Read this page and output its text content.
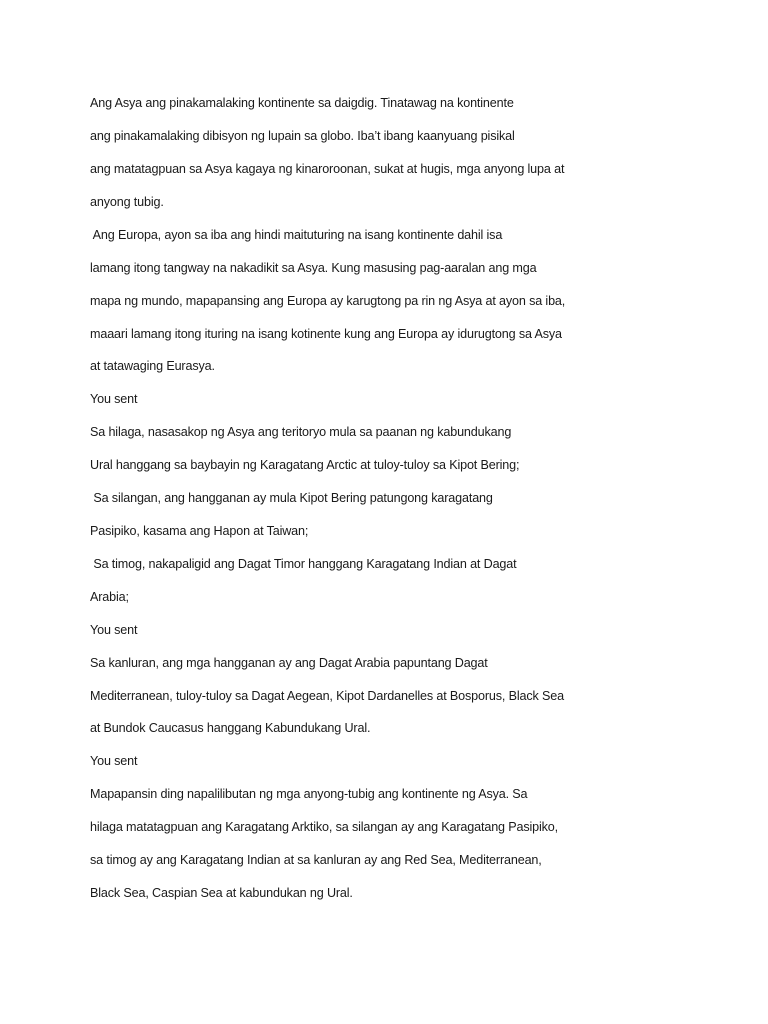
Ang Asya ang pinakamalaking kontinente sa daigdig. Tinatawag na kontinente
ang pinakamalaking dibisyon ng lupain sa globo. Iba’t ibang kaanyuang pisikal
ang matatagpuan sa Asya kagaya ng kinaroroonan, sukat at hugis, mga anyong lupa at
anyong tubig.
Ang Europa, ayon sa iba ang hindi maituturing na isang kontinente dahil isa
lamang itong tangway na nakadikit sa Asya. Kung masusing pag-aaralan ang mga
mapa ng mundo, mapapansing ang Europa ay karugtong pa rin ng Asya at ayon sa iba,
maaari lamang itong ituring na isang kotinente kung ang Europa ay idurugtong sa Asya
at tatawaging Eurasya.
You sent
Sa hilaga, nasasakop ng Asya ang teritoryo mula sa paanan ng kabundukang
Ural hanggang sa baybayin ng Karagatang Arctic at tuloy-tuloy sa Kipot Bering;
Sa silangan, ang hangganan ay mula Kipot Bering patungong karagatang
Pasipiko, kasama ang Hapon at Taiwan;
Sa timog, nakapaligid ang Dagat Timor hanggang Karagatang Indian at Dagat
Arabia;
You sent
Sa kanluran, ang mga hangganan ay ang Dagat Arabia papuntang Dagat
Mediterranean, tuloy-tuloy sa Dagat Aegean, Kipot Dardanelles at Bosporus, Black Sea
at Bundok Caucasus hanggang Kabundukang Ural.
You sent
Mapapansin ding napalilibutan ng mga anyong-tubig ang kontinente ng Asya. Sa
hilaga matatagpuan ang Karagatang Arktiko, sa silangan ay ang Karagatang Pasipiko,
sa timog ay ang Karagatang Indian at sa kanluran ay ang Red Sea, Mediterranean,
Black Sea, Caspian Sea at kabundukan ng Ural.
